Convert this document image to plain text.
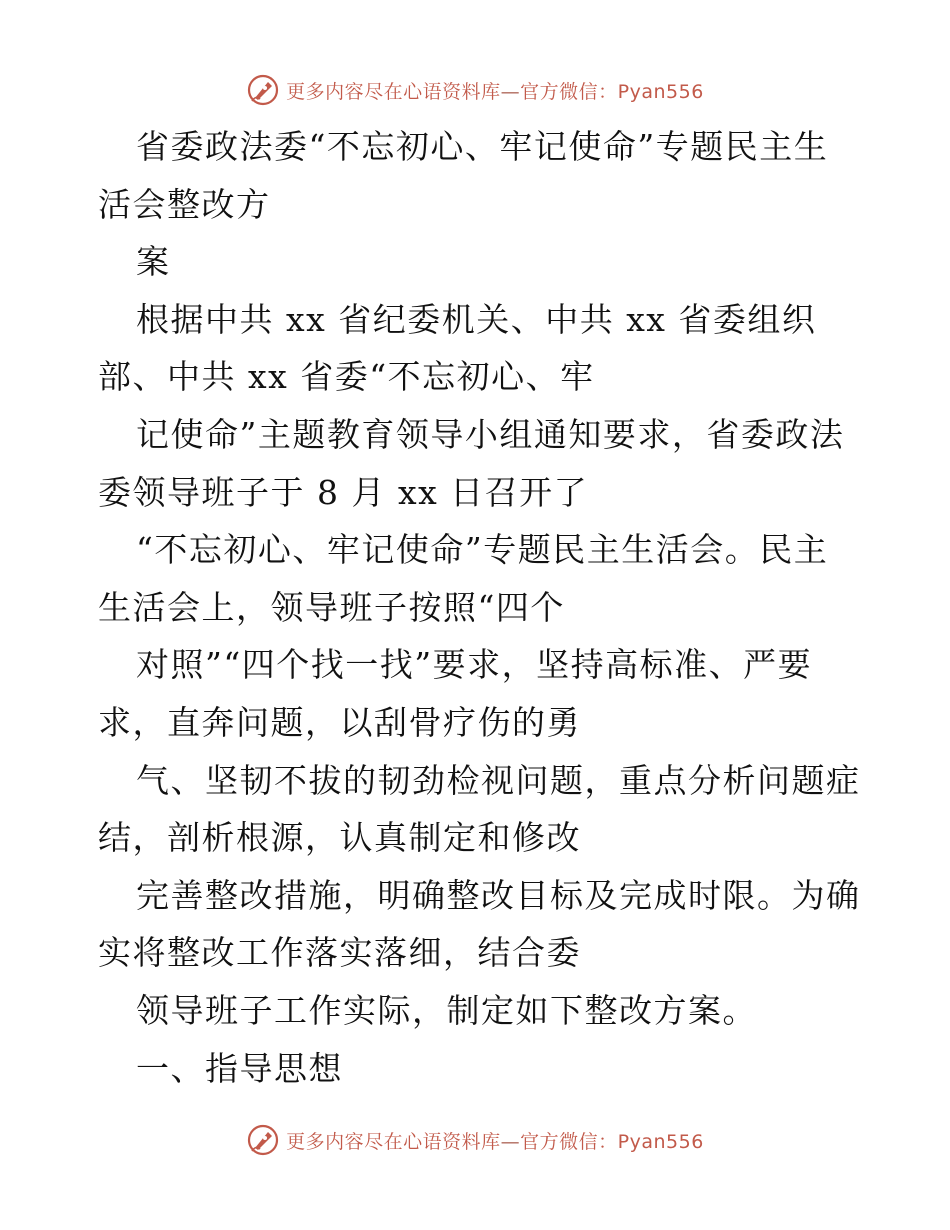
更多内容尽在心语资料库—官方微信：Pyan556
省委政法委“不忘初心、牢记使命”专题民主生
活会整改方
案
根据中共 xx 省纪委机关、中共 xx 省委组织
部、中共 xx 省委“不忘初心、牢
记使命”主题教育领导小组通知要求，省委政法
委领导班子于 8 月 xx 日召开了
“不忘初心、牢记使命”专题民主生活会。民主
生活会上，领导班子按照“四个
对照”“四个找一找”要求，坚持高标准、严要
求，直奔问题，以刮骨疗伤的勇
气、坚韧不拔的韧劲检视问题，重点分析问题症
结，剖析根源，认真制定和修改
完善整改措施，明确整改目标及完成时限。为确
实将整改工作落实落细，结合委
领导班子工作实际，制定如下整改方案。
一、指导思想
更多内容尽在心语资料库—官方微信：Pyan556
